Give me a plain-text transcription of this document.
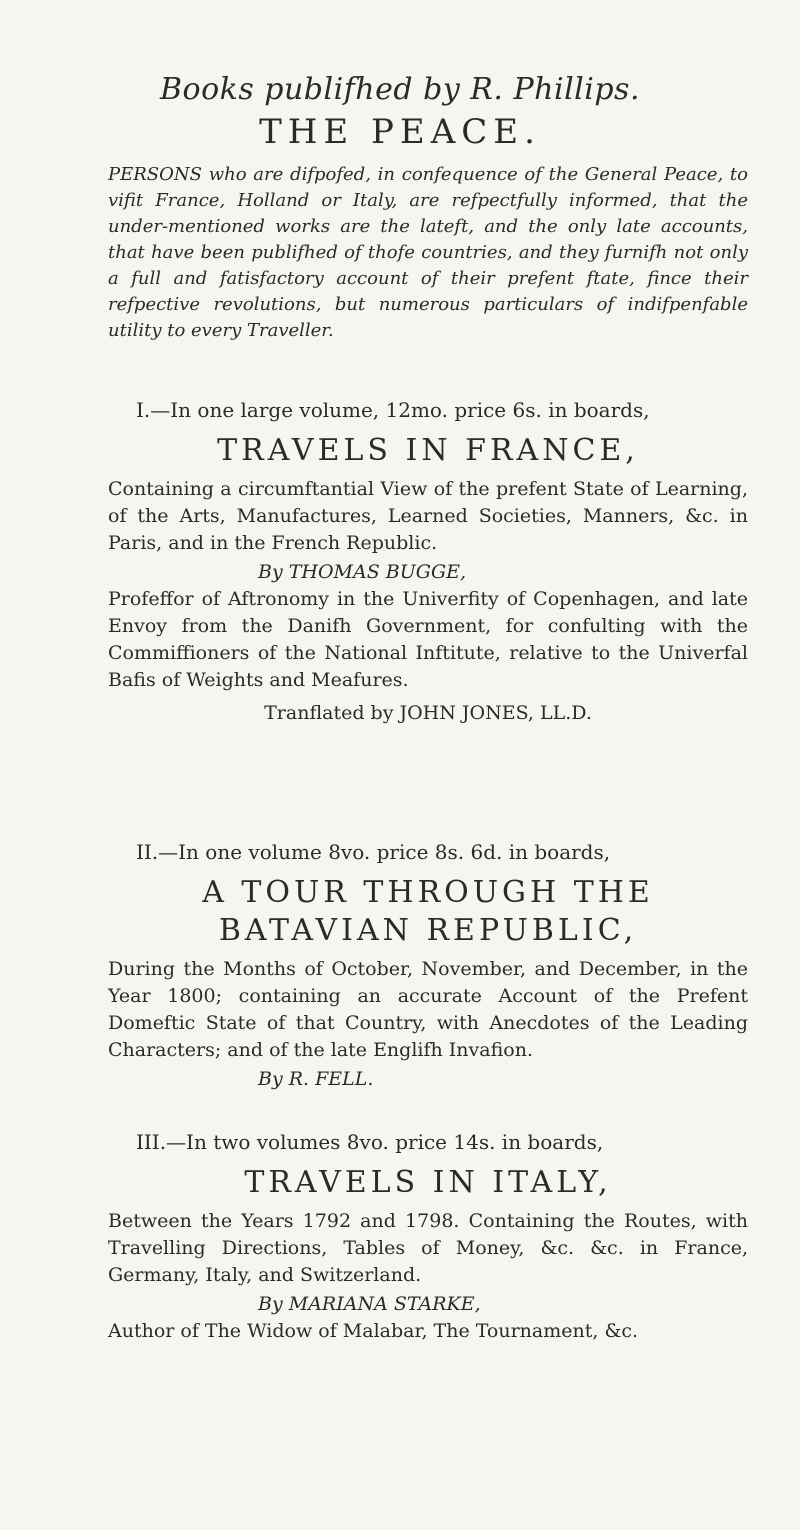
Books publifhed by R. Phillips.
THE PEACE.
PERSONS who are difpofed, in confequence of the General Peace, to vifit France, Holland or Italy, are refpectfully informed, that the under-mentioned works are the lateft, and the only late accounts, that have been publifhed of thofe countries, and they furnifh not only a full and fatisfactory account of their prefent ftate, fince their refpective revolutions, but numerous particulars of indifpenfable utility to every Traveller.
I.—In one large volume, 12mo. price 6s. in boards,
TRAVELS IN FRANCE,
Containing a circumftantial View of the prefent State of Learning, of the Arts, Manufactures, Learned Societies, Manners, &c. in Paris, and in the French Republic.
By THOMAS BUGGE,
Profeffor of Aftronomy in the Univerfity of Copenhagen, and late Envoy from the Danifh Government, for confulting with the Commiffioners of the National Inftitute, relative to the Univerfal Bafis of Weights and Meafures.
Tranflated by JOHN JONES, LL.D.
II.—In one volume 8vo. price 8s. 6d. in boards,
A TOUR THROUGH THE BATAVIAN REPUBLIC,
During the Months of October, November, and December, in the Year 1800; containing an accurate Account of the Prefent Domeftic State of that Country, with Anecdotes of the Leading Characters; and of the late Englifh Invafion.
By R. FELL.
III.—In two volumes 8vo. price 14s. in boards,
TRAVELS IN ITALY,
Between the Years 1792 and 1798. Containing the Routes, with Travelling Directions, Tables of Money, &c. &c. in France, Germany, Italy, and Switzerland.
By MARIANA STARKE,
Author of The Widow of Malabar, The Tournament, &c.
